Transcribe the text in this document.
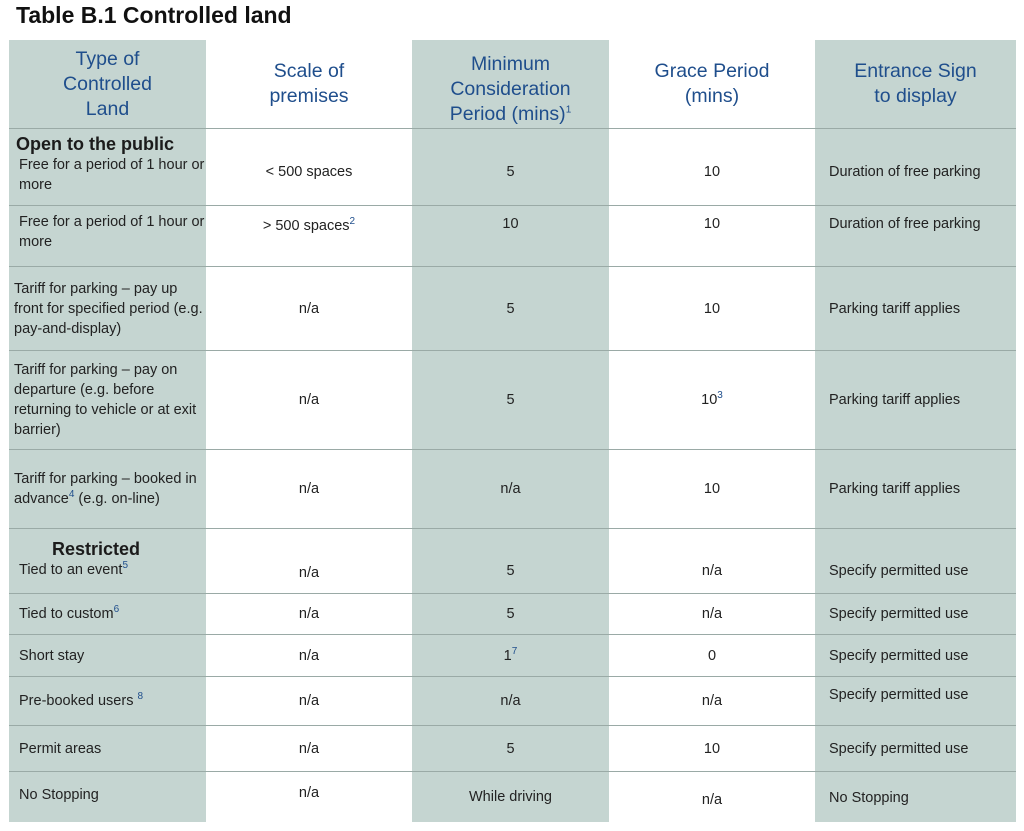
Table B.1 Controlled land
Type of Controlled Land	Scale of premises	Minimum Consideration Period $(\min s)^1$	Grace Period (mins)	Entrance Sign to display

Open to the public
Free for a period of 1 hour or more	< 500 spaces	5	10	Duration of free parking
Free for a period of 1 hour or more	> 500 spaces$^2$	10	10	Duration of free parking
Tariff for parking – pay up front for specified period (e.g. pay-and-display)	n/a	5	10	Parking tariff applies
Tariff for parking – pay on departure (e.g. before returning to vehicle or at exit barrier)	n/a	5	$10^3$	Parking tariff applies
Tariff for parking – booked in advance$^4$ (e.g. on-line)	n/a	n/a	10	Parking tariff applies

Restricted
Tied to an event$^5$	n/a	5	n/a	Specify permitted use
Tied to custom$^6$	n/a	5	n/a	Specify permitted use
Short stay	n/a	$1^7$	0	Specify permitted use
Pre-booked users $^8$	n/a	n/a	n/a	Specify permitted use
Permit areas	n/a	5	10	Specify permitted use
No Stopping	n/a	While driving	n/a	No Stopping
